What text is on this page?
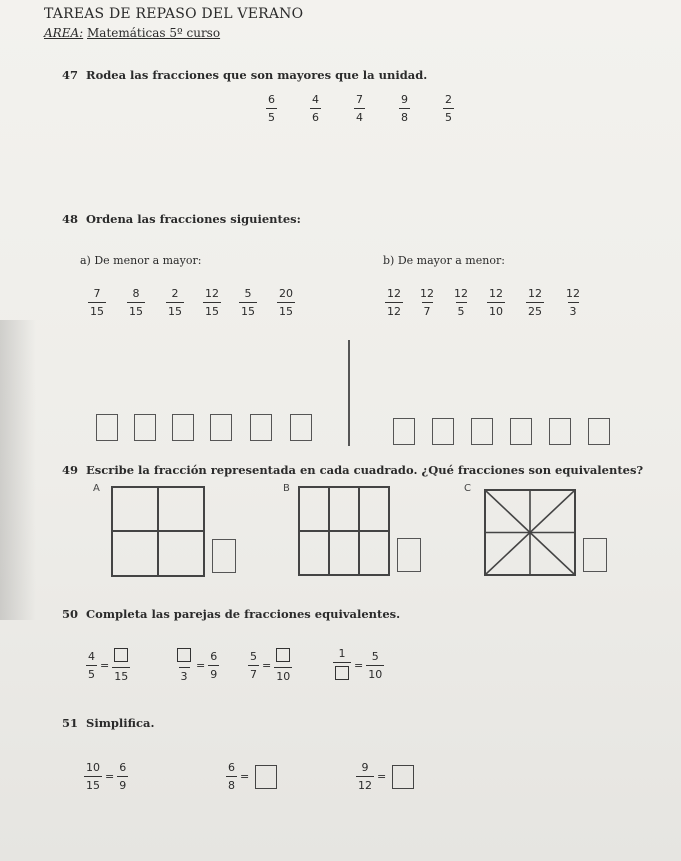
TAREAS DE REPASO DEL VERANO
AREA: Matemáticas 5º curso
47 Rodea las fracciones que son mayores que la unidad.
$\frac{6}{5}$	$\frac{4}{6}$	$\frac{7}{4}$	$\frac{9}{8}$	$\frac{2}{5}$
48 Ordena las fracciones siguientes:
a) De menor a mayor:	b) De mayor a menor:
$\frac{7}{15} \frac{8}{15} \frac{2}{15} \frac{12}{15} \frac{5}{15} \frac{20}{15}$	$\frac{12}{12} \frac{12}{7} \frac{12}{5} \frac{12}{10} \frac{12}{25} \frac{12}{3}$
49 Escribe la fracción representada en cada cuadrado. ¿Qué fracciones son equivalentes?
A	B	C
50 Completa las parejas de fracciones equivalentes.
$\frac{4}{5}$ =
15	3
= $\frac{6}{9}$	$\frac{5}{7}$ =
10
1
= $\frac{5}{10}$
51 Simplifica.
$\frac{10}{15} = \frac{6}{9}$	$\frac{6}{8}$ =	$\frac{9}{12}$ =
